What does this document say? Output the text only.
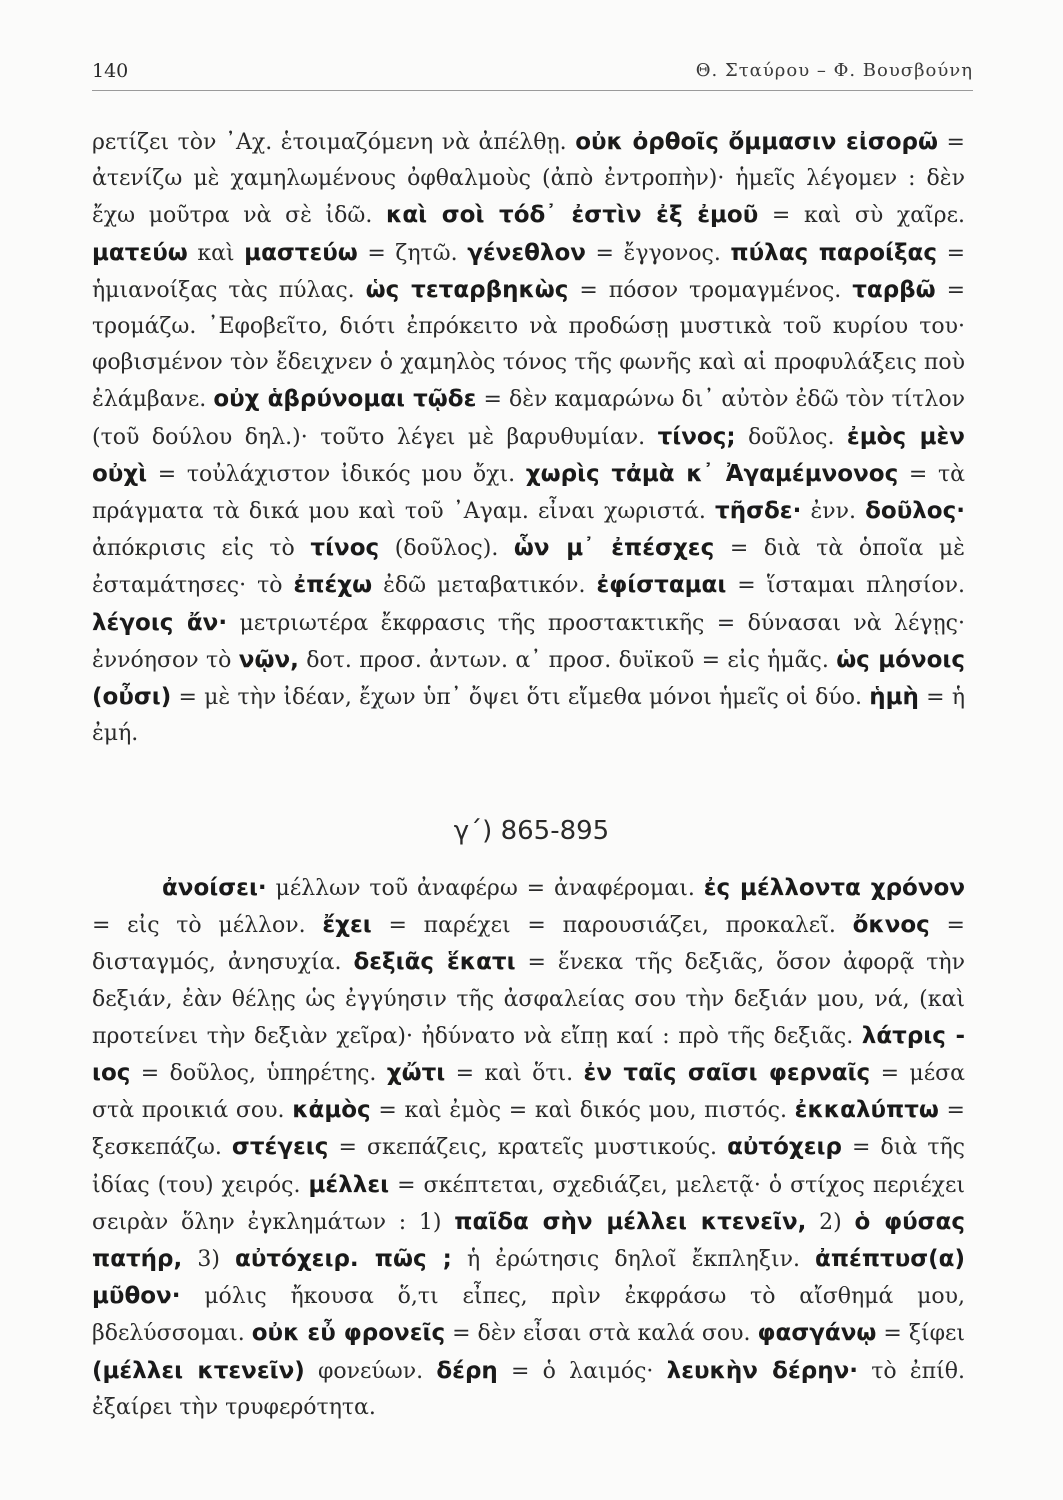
140	Θ. Σταύρου – Φ. Βουσβούνη
ρετίζει τὸν ᾿Αχ. ἑτοιμαζόμενη νὰ ἀπέλθῃ. οὐκ ὀρθοῖς ὄμμασιν εἰσορῶ = ἀτενίζω μὲ χαμηλωμένους ὀφθαλμοὺς (ἀπὸ ἐντροπὴν)· ἡμεῖς λέγομεν : δὲν ἔχω μοῦτρα νὰ σὲ ἰδῶ. καὶ σοὶ τόδ᾿ ἐστὶν ἐξ ἐμοῦ = καὶ σὺ χαῖρε. ματεύω καὶ μαστεύω = ζητῶ. γένεθλον = ἔγγονος. πύλας παροίξας = ἡμιανοίξας τὰς πύλας. ὡς τεταρβηκὼς = πόσον τρομαγμένος. ταρβῶ = τρομάζω. ᾿Εφοβεῖτο, διότι ἐπρόκειτο νὰ προδώσῃ μυστικὰ τοῦ κυρίου του· φοβισμένον τὸν ἔδειχνεν ὁ χαμηλὸς τόνος τῆς φωνῆς καὶ αἱ προφυλάξεις ποὺ ἐλάμβανε. οὐχ ἁβρύνομαι τῷδε = δὲν καμαρώνω δι᾿ αὐτὸν ἐδῶ τὸν τίτλον (τοῦ δούλου δηλ.)· τοῦτο λέγει μὲ βαρυθυμίαν. τίνος; δοῦλος. ἐμὸς μὲν οὐχὶ = τοὐλάχιστον ἰδικός μου ὄχι. χωρὶς τἀμὰ κ᾿ Ἀγαμέμνονος = τὰ πράγματα τὰ δικά μου καὶ τοῦ ᾿Αγαμ. εἶναι χωριστά. τῆσδε· ἐνν. δοῦλος· ἀπόκρισις εἰς τὸ τίνος (δοῦλος). ὧν μ᾿ ἐπέσχες = διὰ τὰ ὁποῖα μὲ ἐσταμάτησες· τὸ ἐπέχω ἐδῶ μεταβατικόν. ἐφίσταμαι = ἵσταμαι πλησίον. λέγοις ἄν· μετριωτέρα ἔκφρασις τῆς προστακτικῆς = δύνασαι νὰ λέγῃς· ἐννόησον τὸ νῷν, δοτ. προσ. ἀντων. α᾿ προσ. δυϊκοῦ = εἰς ἡμᾶς. ὡς μόνοις (οὖσι) = μὲ τὴν ἰδέαν, ἔχων ὑπ᾿ ὄψει ὅτι εἴμεθα μόνοι ἡμεῖς οἱ δύο. ἡμὴ = ἡ ἐμή.
γ´) 865-895
ἀνοίσει· μέλλων τοῦ ἀναφέρω = ἀναφέρομαι. ἐς μέλλοντα χρόνον = εἰς τὸ μέλλον. ἔχει = παρέχει = παρουσιάζει, προκαλεῖ. ὄκνος = δισταγμός, ἀνησυχία. δεξιᾶς ἕκατι = ἕνεκα τῆς δεξιᾶς, ὅσον ἀφορᾷ τὴν δεξιάν, ἐὰν θέλῃς ὡς ἐγγύησιν τῆς ἀσφαλείας σου τὴν δεξιάν μου, νά, (καὶ προτείνει τὴν δεξιὰν χεῖρα)· ἠδύνατο νὰ εἴπῃ καί : πρὸ τῆς δεξιᾶς. λάτρις - ιος = δοῦλος, ὑπηρέτης. χὤτι = καὶ ὅτι. ἐν ταῖς σαῖσι φερναῖς = μέσα στὰ προικιά σου. κἀμὸς = καὶ ἐμὸς = καὶ δικός μου, πιστός. ἐκκαλύπτω = ξεσκεπάζω. στέγεις = σκεπάζεις, κρατεῖς μυστικούς. αὐτόχειρ = διὰ τῆς ἰδίας (του) χειρός. μέλλει = σκέπτεται, σχεδιάζει, μελετᾷ· ὁ στίχος περιέχει σειρὰν ὅλην ἐγκλημάτων : 1) παῖδα σὴν μέλλει κτενεῖν, 2) ὁ φύσας πατήρ, 3) αὐτόχειρ. πῶς ; ἡ ἐρώτησις δηλοῖ ἔκπληξιν. ἀπέπτυσ(α) μῦθον· μόλις ἤκουσα ὅ,τι εἶπες, πρὶν ἐκφράσω τὸ αἴσθημά μου, βδελύσσομαι. οὐκ εὖ φρονεῖς = δὲν εἶσαι στὰ καλά σου. φασγάνῳ = ξίφει (μέλλει κτενεῖν) φονεύων. δέρη = ὁ λαιμός· λευκὴν δέρην· τὸ ἐπίθ. ἐξαίρει τὴν τρυφερότητα.
